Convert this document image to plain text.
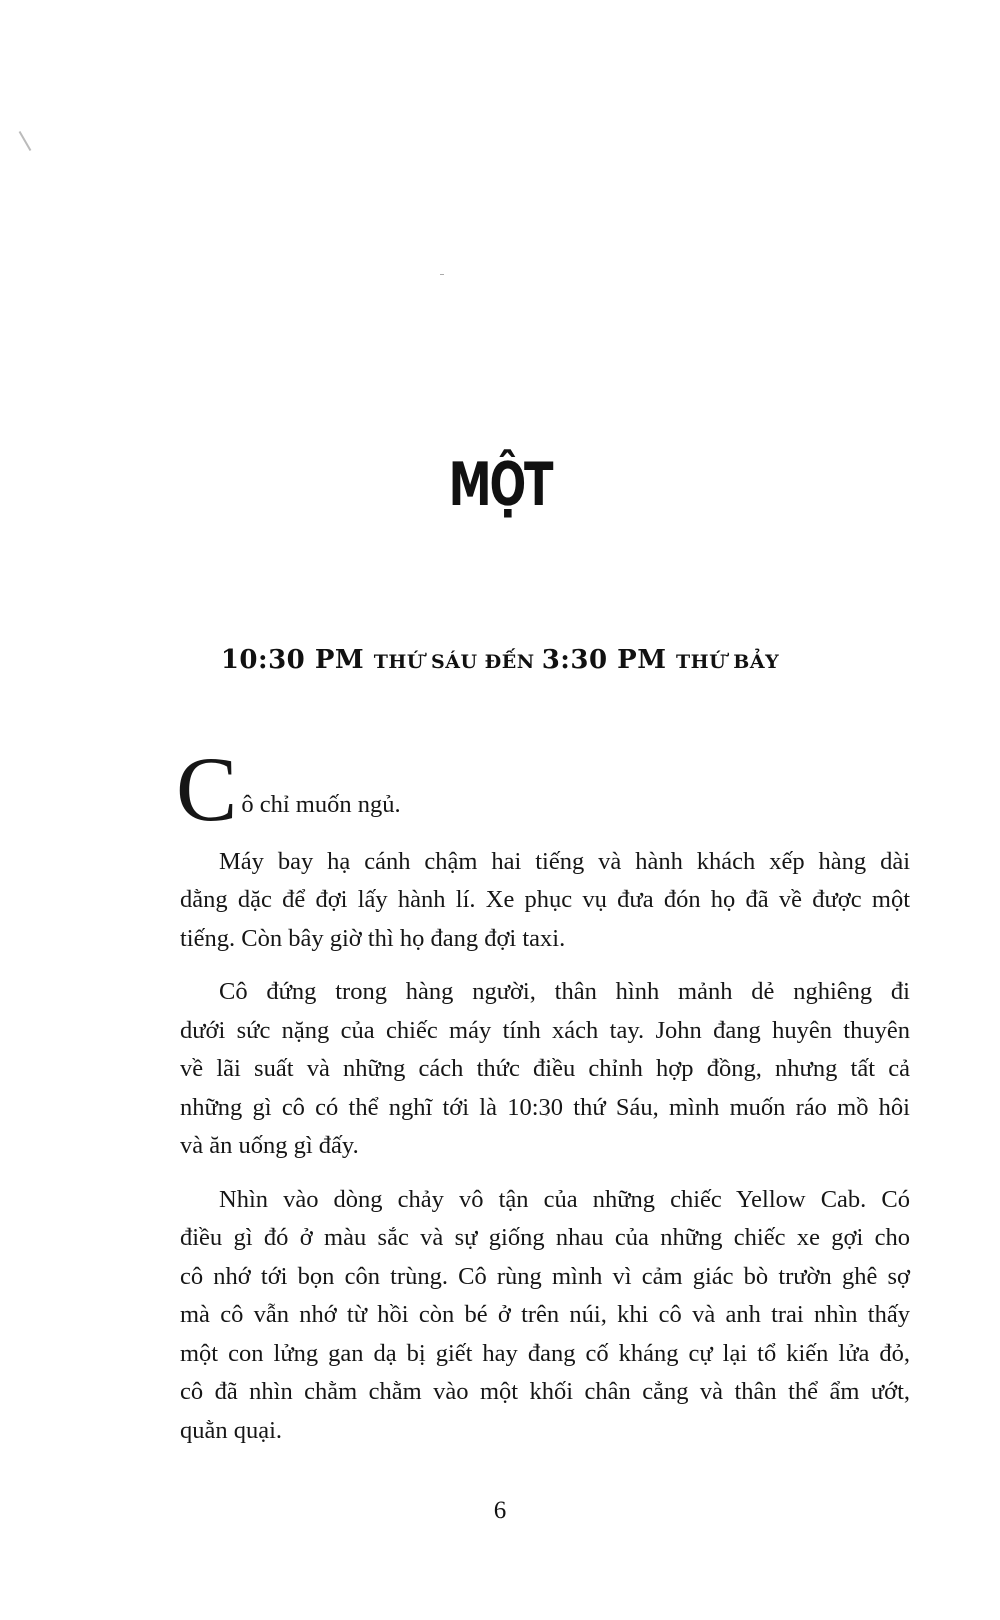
MỘT
10:30 PM THỨ SÁU ĐẾN 3:30 PM THỨ BẢY
C ô chỉ muốn ngủ.
Máy bay hạ cánh chậm hai tiếng và hành khách xếp hàng dài
dằng dặc để đợi lấy hành lí. Xe phục vụ đưa đón họ đã về được một
tiếng. Còn bây giờ thì họ đang đợi taxi.
Cô đứng trong hàng người, thân hình mảnh dẻ nghiêng đi
dưới sức nặng của chiếc máy tính xách tay. John đang huyên thuyên
về lãi suất và những cách thức điều chỉnh hợp đồng, nhưng tất cả
những gì cô có thể nghĩ tới là 10:30 thứ Sáu, mình muốn ráo mồ hôi
và ăn uống gì đấy.
Nhìn vào dòng chảy vô tận của những chiếc Yellow Cab. Có
điều gì đó ở màu sắc và sự giống nhau của những chiếc xe gợi cho
cô nhớ tới bọn côn trùng. Cô rùng mình vì cảm giác bò trườn ghê sợ
mà cô vẫn nhớ từ hồi còn bé ở trên núi, khi cô và anh trai nhìn thấy
một con lửng gan dạ bị giết hay đang cố kháng cự lại tổ kiến lửa đỏ,
cô đã nhìn chằm chằm vào một khối chân cẳng và thân thể ẩm ướt,
quằn quại.
6
